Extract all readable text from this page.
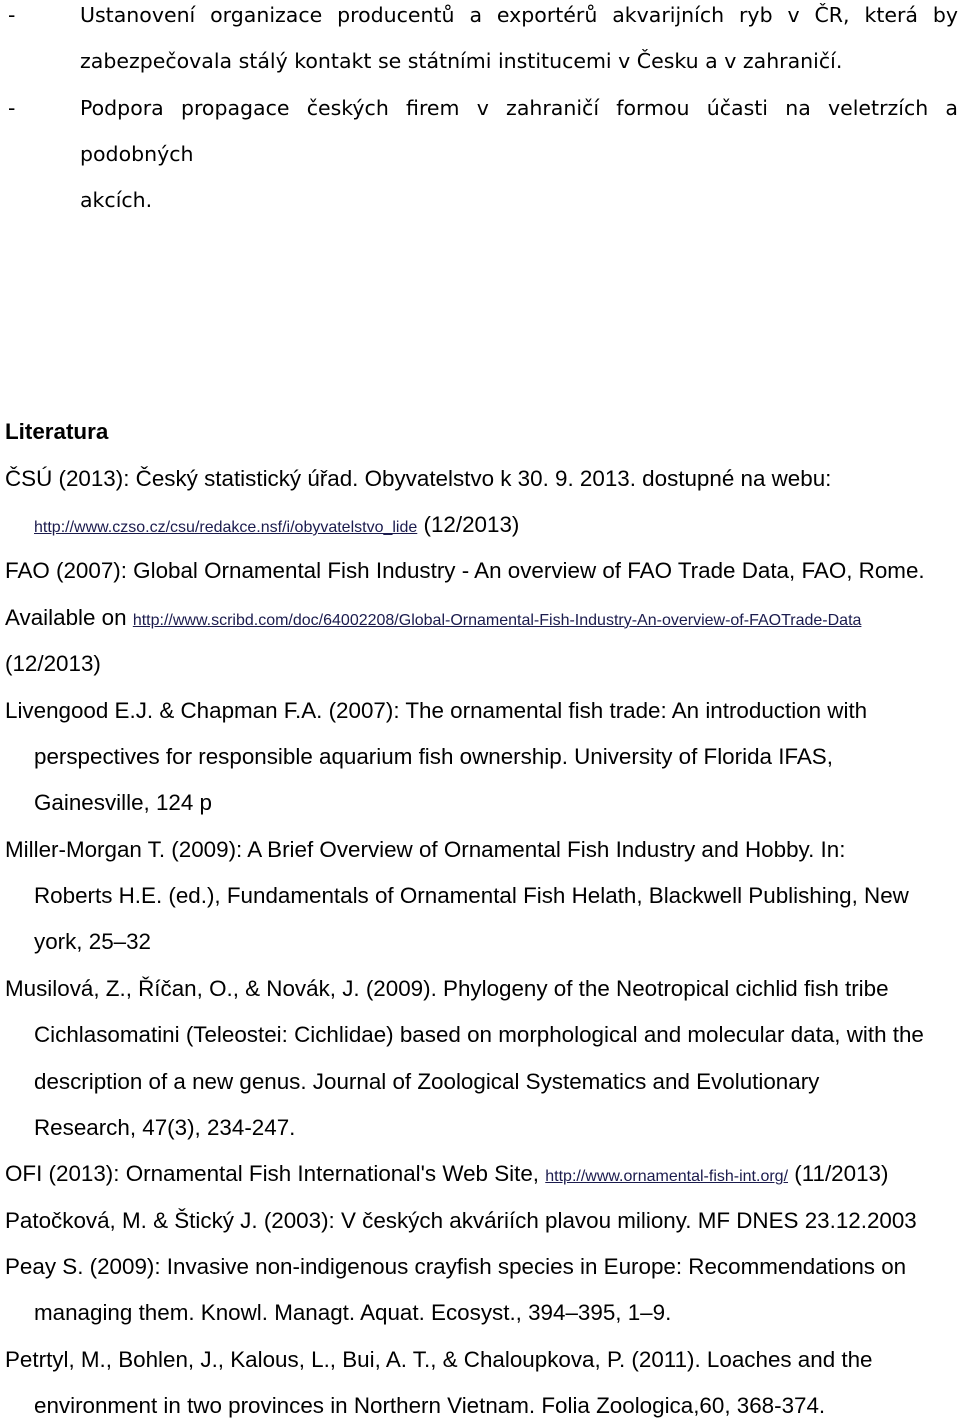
-	Ustanovení organizace producentů a exportérů akvarijních ryb v ČR, která by
zabezpečovala stálý kontakt se státními institucemi v Česku a v zahraničí.
-	Podpora propagace českých firem v zahraničí formou účasti na veletrzích a
podobných
akcích.
Literatura
ČSÚ (2013): Český statistický úřad. Obyvatelstvo k 30. 9. 2013. dostupné na webu:
http://www.czso.cz/csu/redakce.nsf/i/obyvatelstvo_lide (12/2013)
FAO (2007): Global Ornamental Fish Industry - An overview of FAO Trade Data, FAO, Rome.
Available on http://www.scribd.com/doc/64002208/Global-Ornamental-Fish-Industry-An-overview-of-FAOTrade-Data
(12/2013)
Livengood E.J. & Chapman F.A. (2007): The ornamental fish trade: An introduction with
perspectives for responsible aquarium fish ownership. University of Florida IFAS,
Gainesville, 124 p
Miller-Morgan T. (2009): A Brief Overview of Ornamental Fish Industry and Hobby. In:
Roberts H.E. (ed.), Fundamentals of Ornamental Fish Helath, Blackwell Publishing, New
york, 25–32
Musilová, Z., Říčan, O., & Novák, J. (2009). Phylogeny of the Neotropical cichlid fish tribe
Cichlasomatini (Teleostei: Cichlidae) based on morphological and molecular data, with the
description of a new genus. Journal of Zoological Systematics and Evolutionary
Research, 47(3), 234-247.
OFI (2013): Ornamental Fish International's Web Site, http://www.ornamental-fish-int.org/ (11/2013)
Patočková, M. & Štický J. (2003): V českých akváriích plavou miliony. MF DNES 23.12.2003
Peay S. (2009): Invasive non-indigenous crayfish species in Europe: Recommendations on
managing them. Knowl. Managt. Aquat. Ecosyst., 394–395, 1–9.
Petrtyl, M., Bohlen, J., Kalous, L., Bui, A. T., & Chaloupkova, P. (2011). Loaches and the
environment in two provinces in Northern Vietnam. Folia Zoologica,60, 368-374.
